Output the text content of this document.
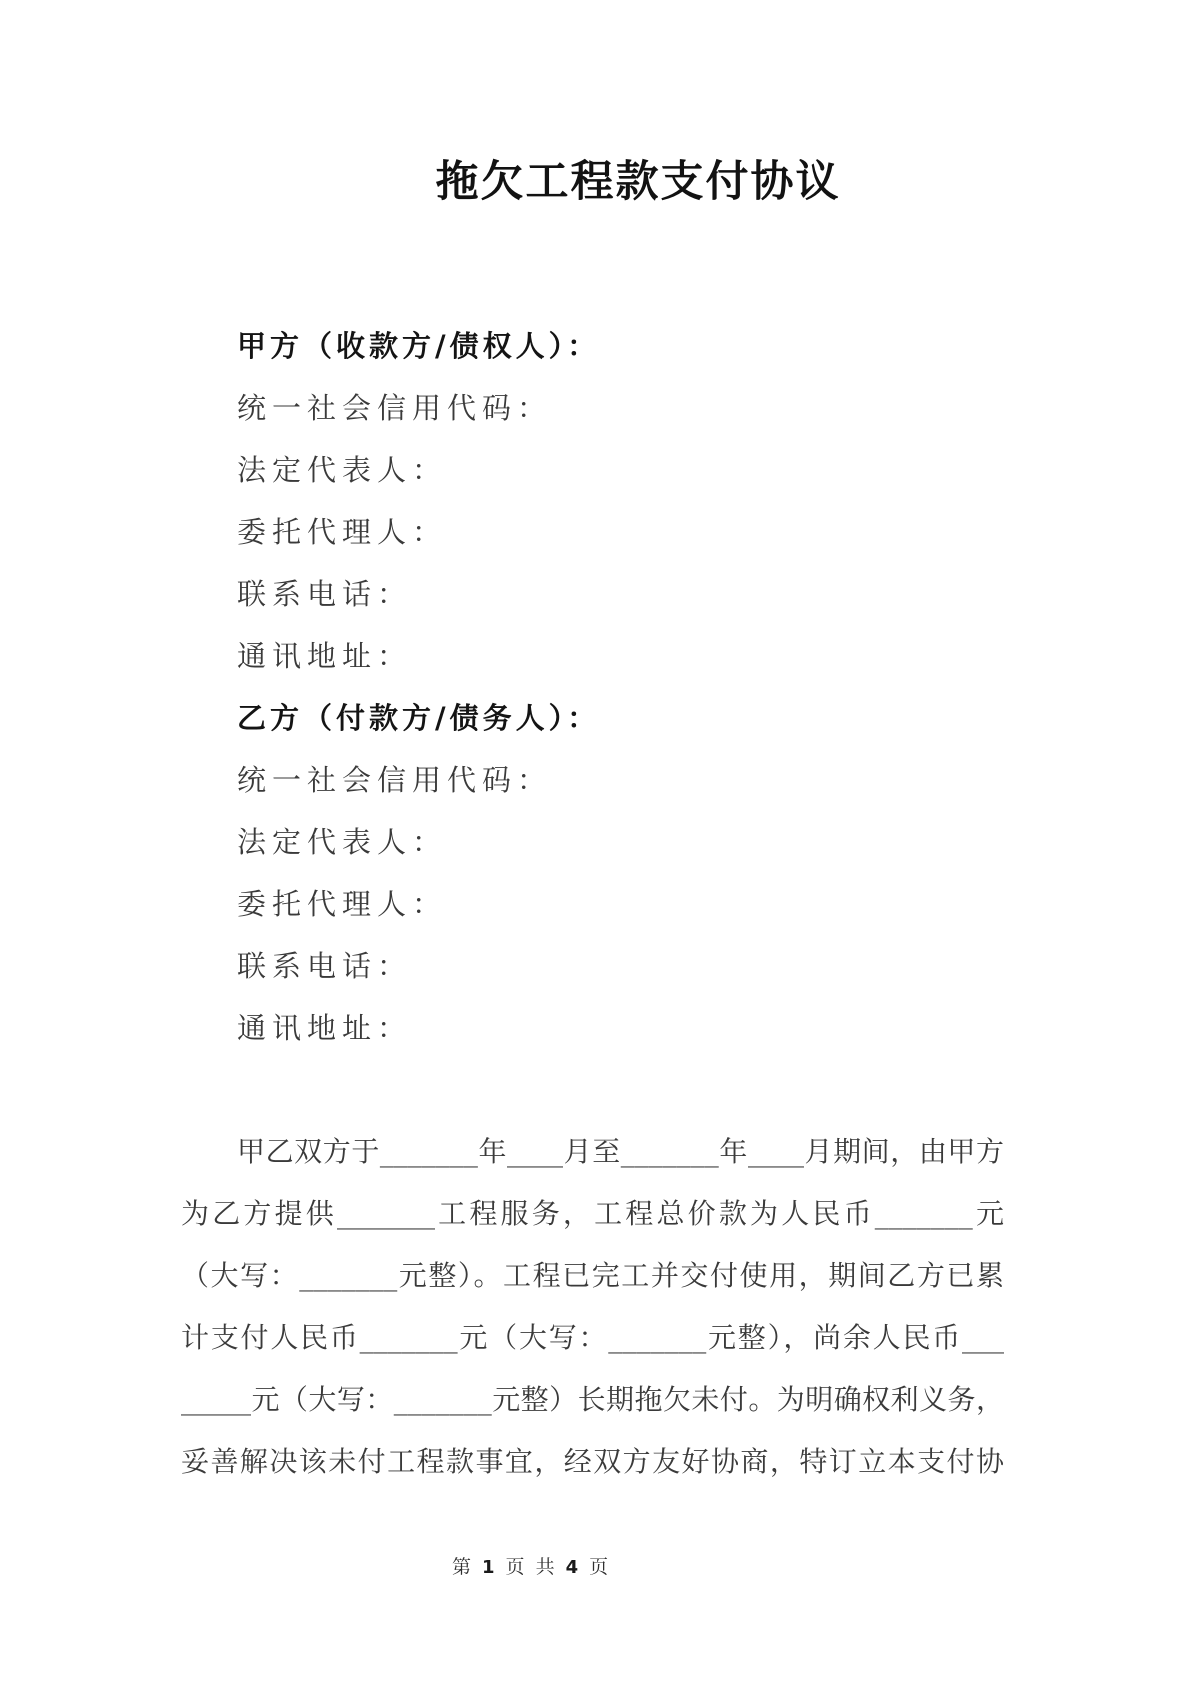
拖欠工程款支付协议
甲方（收款方/债权人）：
统一社会信用代码：
法定代表人：
委托代理人：
联系电话：
通讯地址：
乙方（付款方/债务人）：
统一社会信用代码：
法定代表人：
委托代理人：
联系电话：
通讯地址：
甲乙双方于_______年____月至_______年____月期间，由甲方
为乙方提供_______工程服务，工程总价款为人民币_______元
（大写：_______元整）。工程已完工并交付使用，期间乙方已累
计支付人民币_______元（大写：_______元整），尚余人民币___
_____元（大写：_______元整）长期拖欠未付。为明确权利义务，
妥善解决该未付工程款事宜，经双方友好协商，特订立本支付协
第 1 页 共 4 页
